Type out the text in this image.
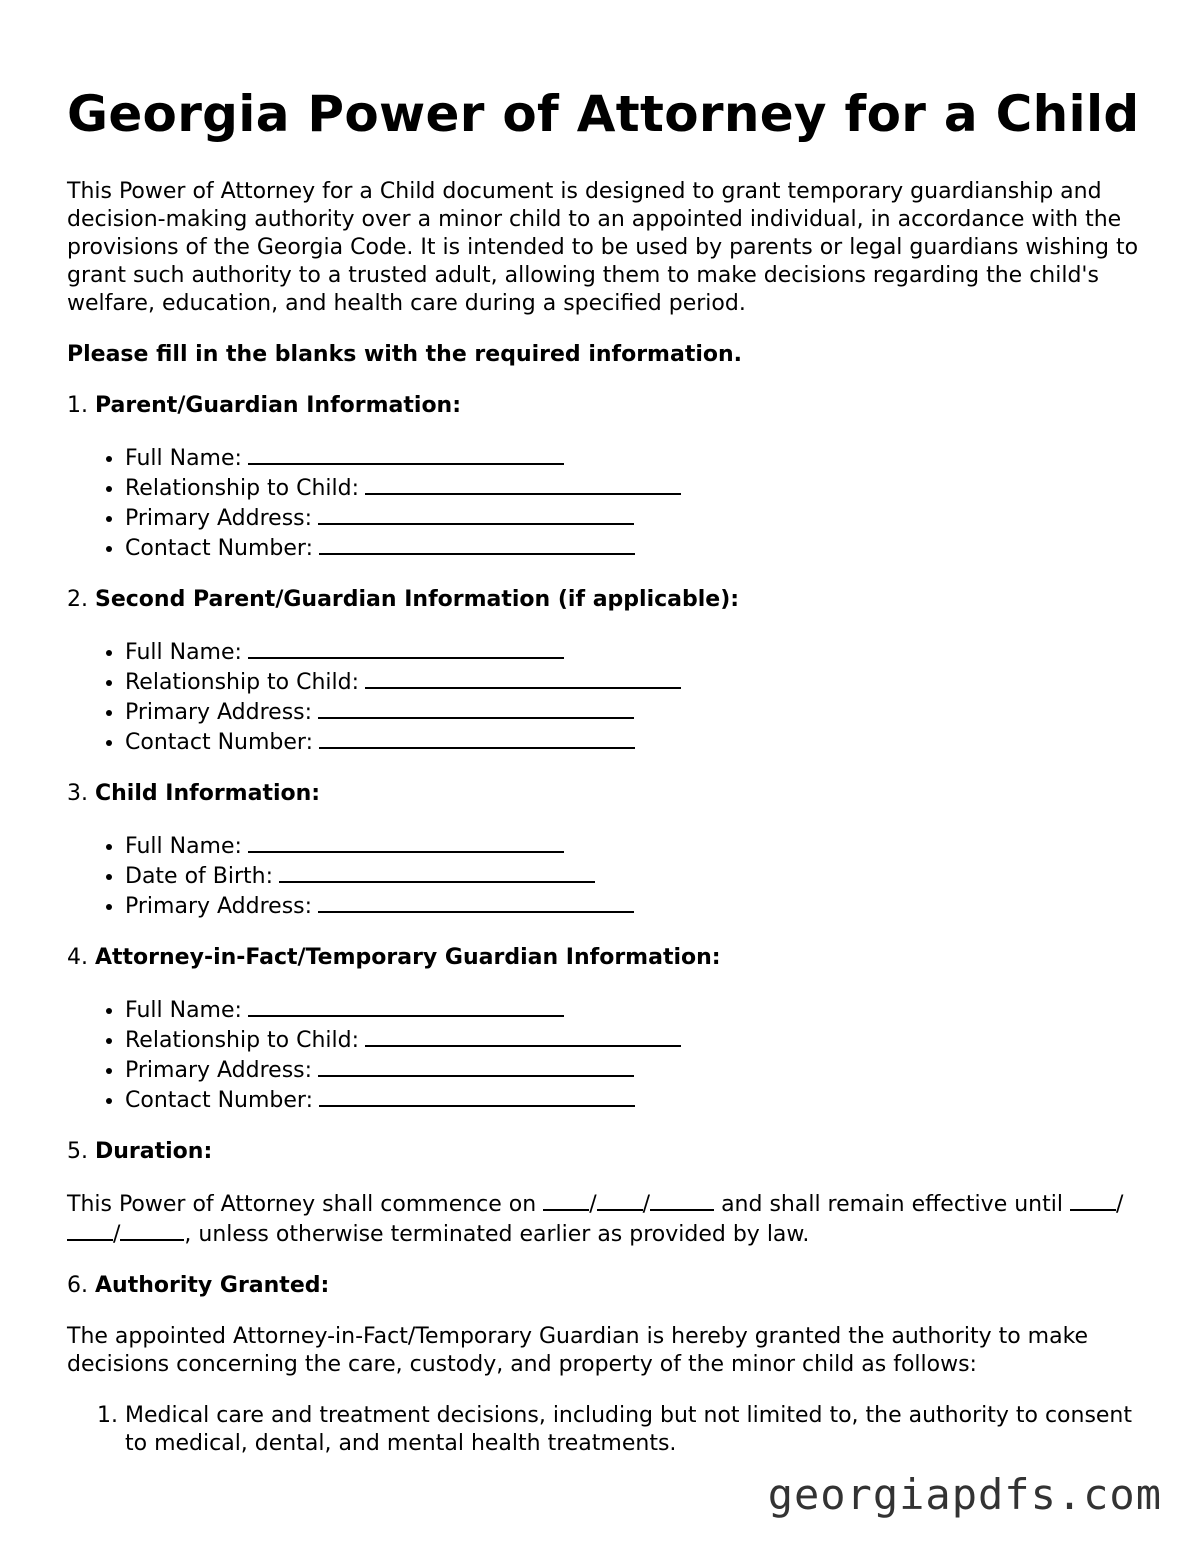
Georgia Power of Attorney for a Child

This Power of Attorney for a Child document is designed to grant temporary guardianship and decision-making authority over a minor child to an appointed individual, in accordance with the provisions of the Georgia Code. It is intended to be used by parents or legal guardians wishing to grant such authority to a trusted adult, allowing them to make decisions regarding the child's welfare, education, and health care during a specified period.

Please fill in the blanks with the required information.

1. Parent/Guardian Information:
• Full Name:
• Relationship to Child:
• Primary Address:
• Contact Number:
2. Second Parent/Guardian Information (if applicable):
• Full Name:
• Relationship to Child:
• Primary Address:
• Contact Number:
3. Child Information:
• Full Name:
• Date of Birth:
• Primary Address:
4. Attorney-in-Fact/Temporary Guardian Information:
• Full Name:
• Relationship to Child:
• Primary Address:
• Contact Number:
5. Duration:

This Power of Attorney shall commence on / /	and shall remain effective until //	, unless otherwise terminated earlier as provided by law.

6. Authority Granted:

The appointed Attorney-in-Fact/Temporary Guardian is hereby granted the authority to make decisions concerning the care, custody, and property of the minor child as follows:

1. Medical care and treatment decisions, including but not limited to, the authority to consent to medical, dental, and mental health treatments.
georgiapdfs.com
